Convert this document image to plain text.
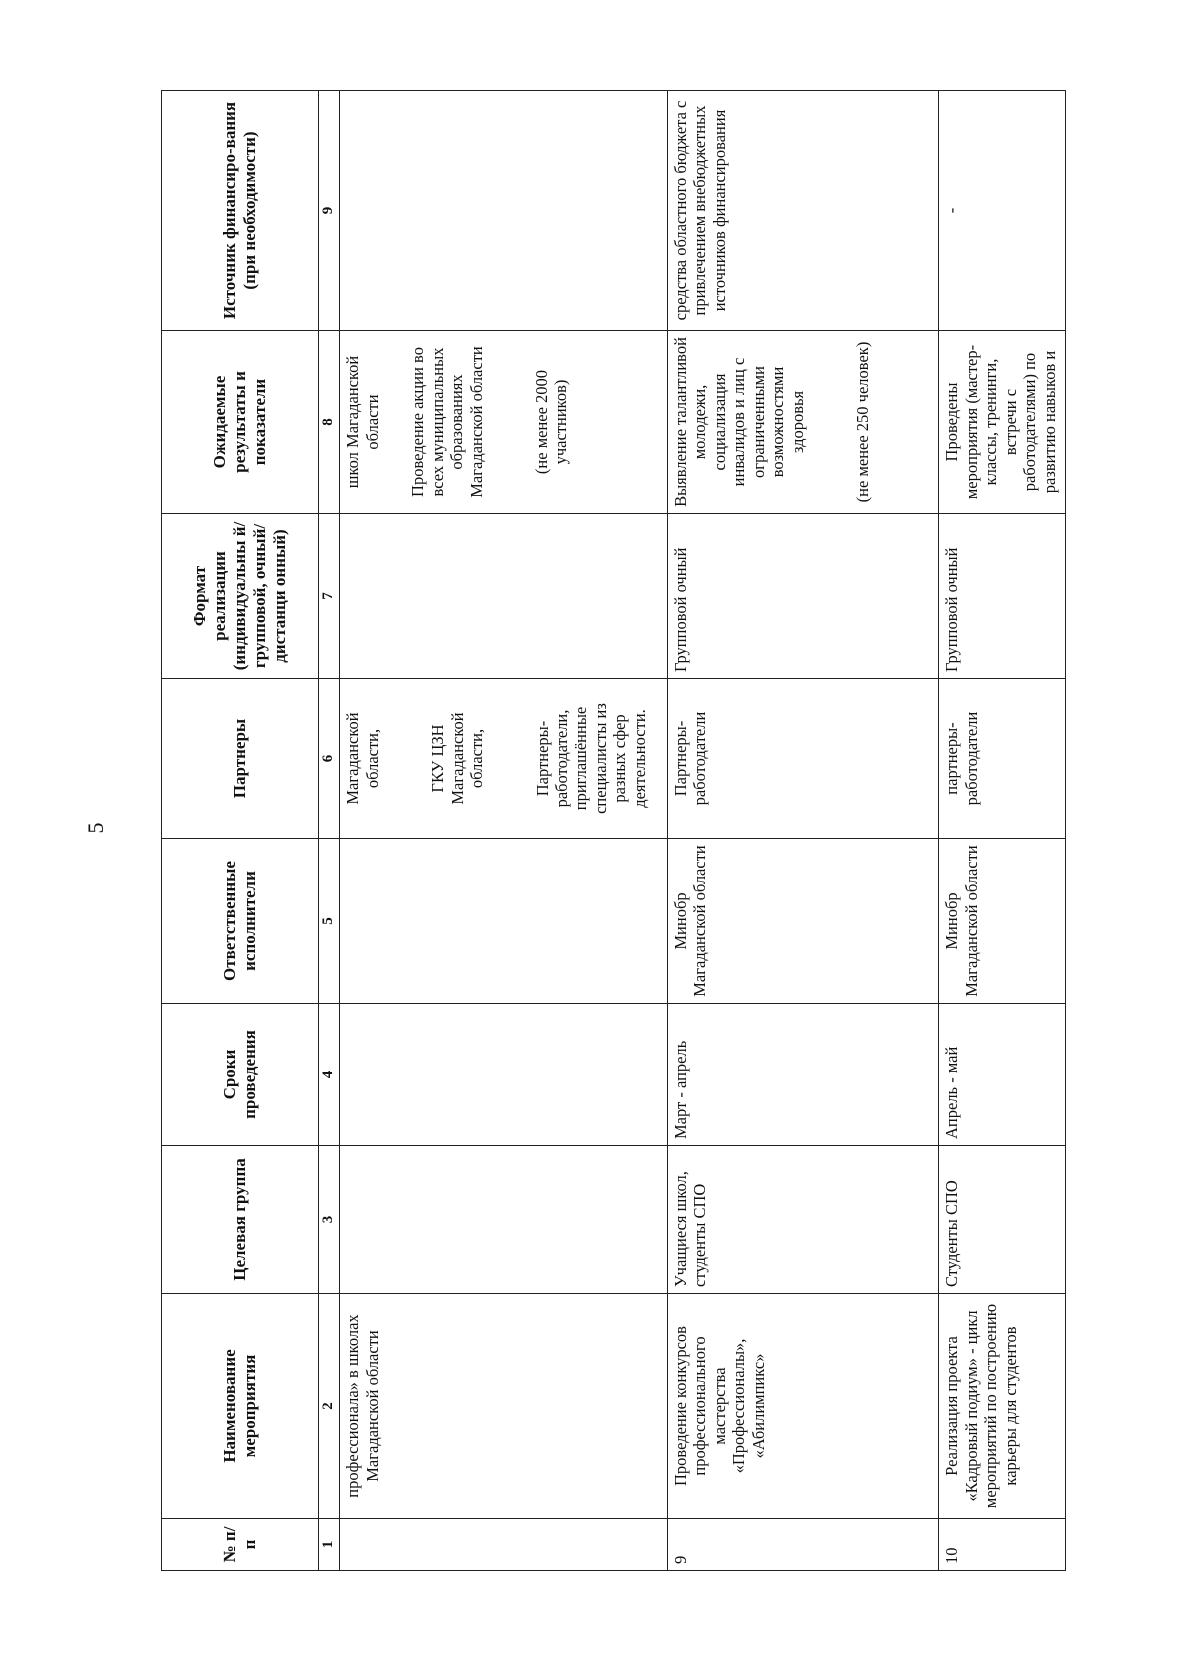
5
№ п/п	Наименование мероприятия	Целевая группа	Сроки проведения	Ответственные исполнители	Партнеры	Формат реализации (индивидуальны й/групповой, очный/дистанци онный)	Ожидаемые результаты и показатели	Источник финансиро-вания (при необходимости)
1	2	3	4	5	6	7	8	9
	профессионала» в школах Магаданской области				Магаданской области, ГКУ ЦЗН Магаданской области, Партнеры-работодатели, приглашённые специалисты из разных сфер деятельности.		школ Магаданской области Проведение акции во всех муниципальных образованиях Магаданской области (не менее 2000 участников)	
9	Проведение конкурсов профессионального мастерства «Профессионалы», «Абилимпикс»	Учащиеся школ, студенты СПО	Март - апрель	Минобр Магаданской области	Партнеры-работодатели	Групповой очный	Выявление талантливой молодежи, социализация инвалидов и лиц с ограниченными возможностями здоровья (не менее 250 человек)	средства областного бюджета с привлечением внебюджетных источников финансирования
10	Реализация проекта «Кадровый подиум» - цикл мероприятий по построению карьеры для студентов	Студенты СПО	Апрель - май	Минобр Магаданской области	партнеры-работодатели	Групповой очный	Проведены мероприятия (мастер-классы, тренинги, встречи с работодателями) по развитию навыков и	-
